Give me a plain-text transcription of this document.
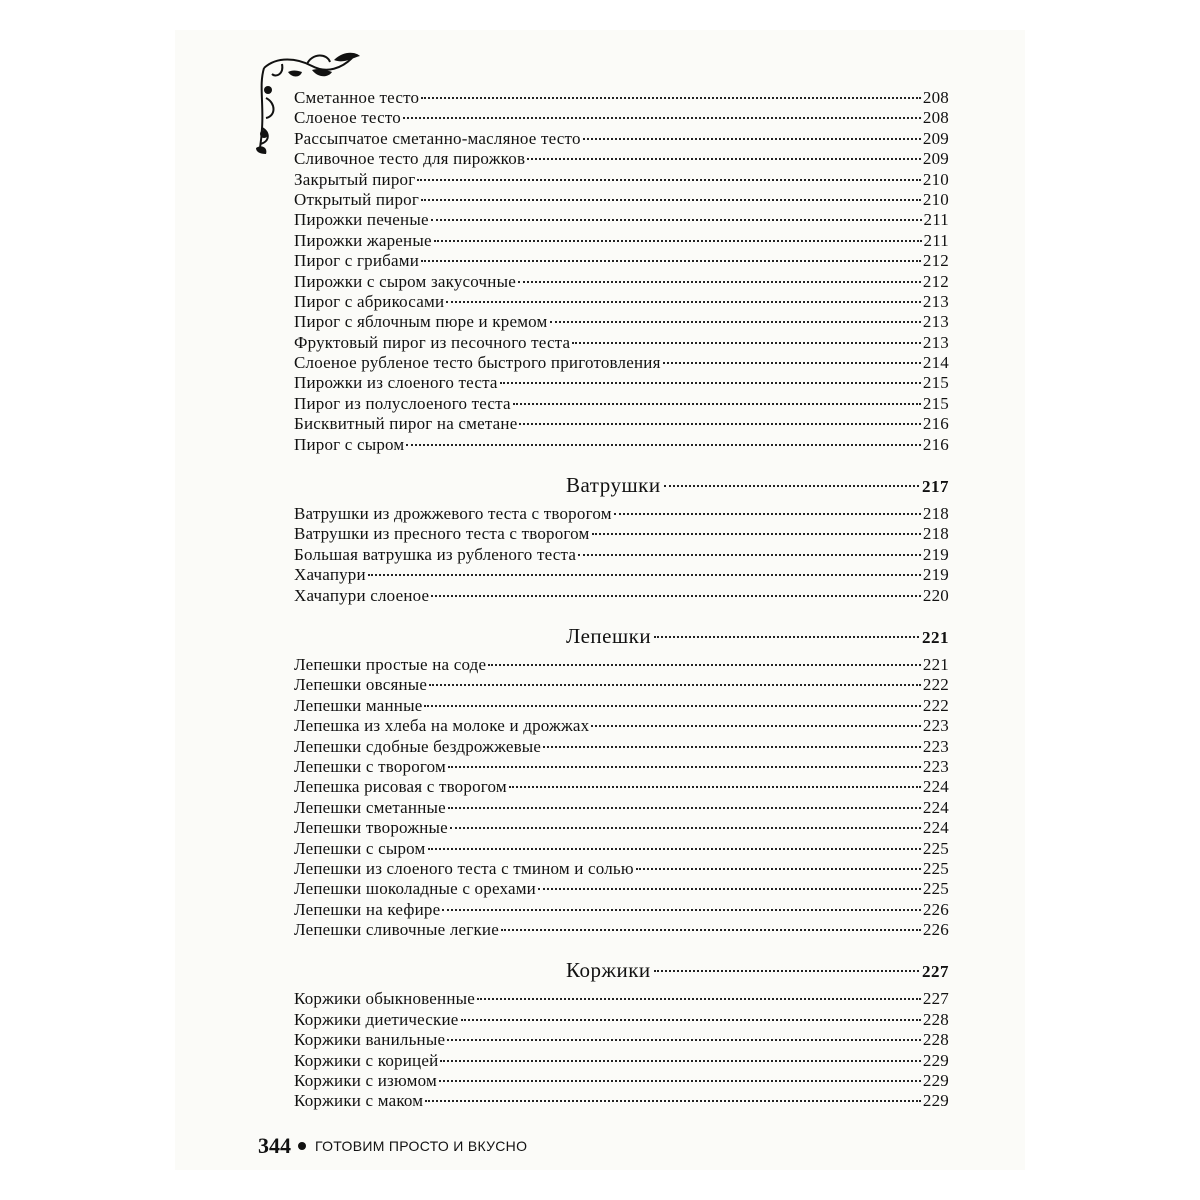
Сметанное тесто	208
Слоеное тесто	208
Рассыпчатое сметанно-масляное тесто	209
Сливочное тесто для пирожков	209
Закрытый пирог	210
Открытый пирог	210
Пирожки печеные	211
Пирожки жареные	211
Пирог с грибами	212
Пирожки с сыром закусочные	212
Пирог с абрикосами	213
Пирог с яблочным пюре и кремом	213
Фруктовый пирог из песочного теста	213
Слоеное рубленое тесто быстрого приготовления	214
Пирожки из слоеного теста	215
Пирог из полуслоеного теста	215
Бисквитный пирог на сметане	216
Пирог с сыром	216
Ватрушки	217
Ватрушки из дрожжевого теста с творогом	218
Ватрушки из пресного теста с творогом	218
Большая ватрушка из рубленого теста	219
Хачапури	219
Хачапури слоеное	220
Лепешки	221
Лепешки простые на соде	221
Лепешки овсяные	222
Лепешки манные	222
Лепешка из хлеба на молоке и дрожжах	223
Лепешки сдобные бездрожжевые	223
Лепешки с творогом	223
Лепешка рисовая с творогом	224
Лепешки сметанные	224
Лепешки творожные	224
Лепешки с сыром	225
Лепешки из слоеного теста с тмином и солью	225
Лепешки шоколадные с орехами	225
Лепешки на кефире	226
Лепешки сливочные легкие	226
Коржики	227
Коржики обыкновенные	227
Коржики диетические	228
Коржики ванильные	228
Коржики с корицей	229
Коржики с изюмом	229
Коржики с маком	229
344 ГОТОВИМ ПРОСТО И ВКУСНО
